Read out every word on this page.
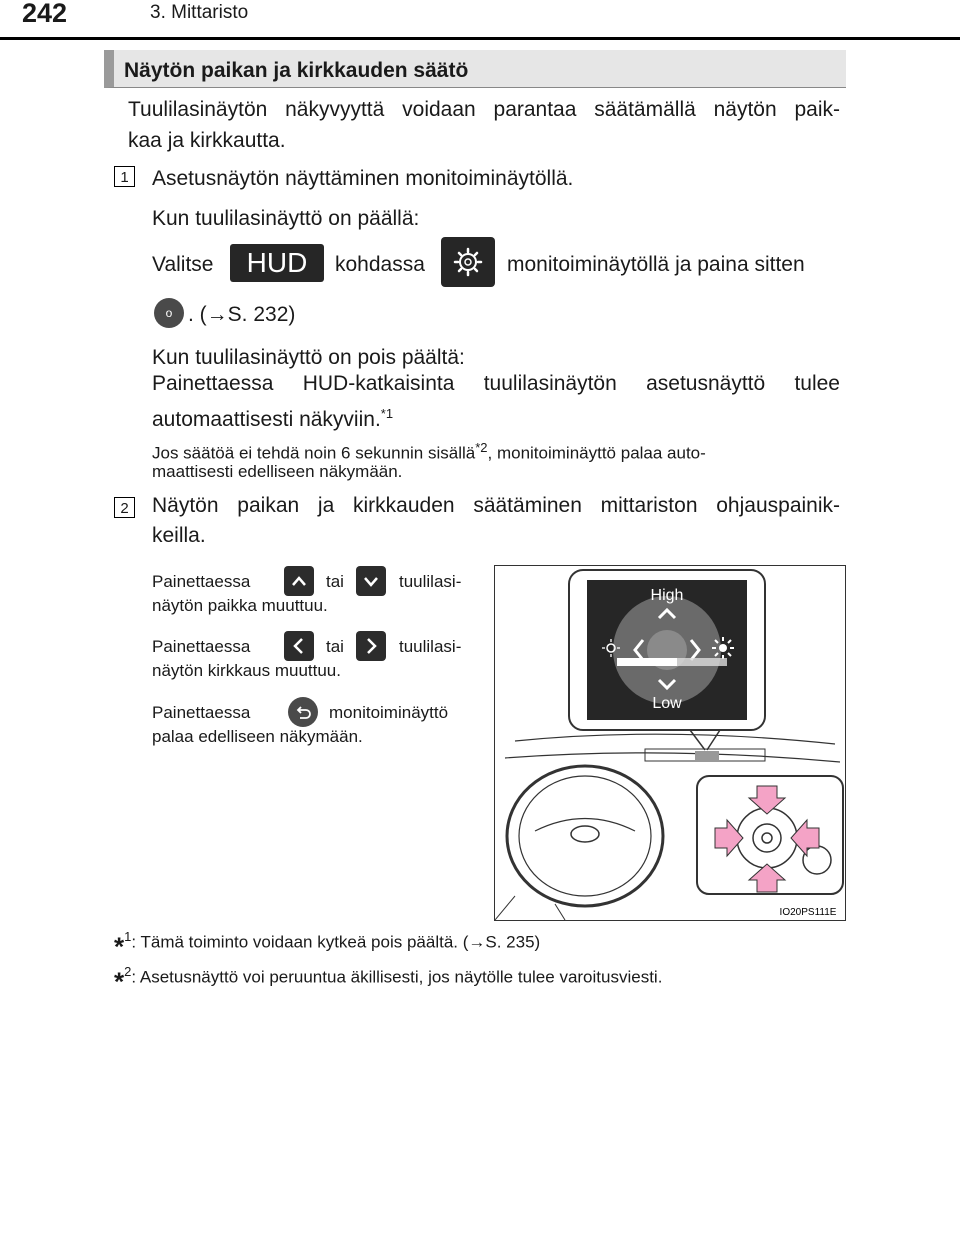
242	3. Mittaristo
Näytön paikan ja kirkkauden säätö
Tuulilasinäytön näkyvyyttä voidaan parantaa säätämällä näytön paik-
kaa ja kirkkautta.
1	Asetusnäytön näyttäminen monitoiminäytöllä.
Kun tuulilasinäyttö on päällä:
Valitse	HUD	kohdassa	monitoiminäytöllä ja paina sitten
o . (→S. 232)
Kun tuulilasinäyttö on pois päältä:
Painettaessa HUD-katkaisinta tuulilasinäytön asetusnäyttö tulee
automaattisesti näkyviin.$^{*1}$
Jos säätöä ei tehdä noin 6 sekunnin sisällä$^{*2}$, monitoiminäyttö palaa auto-
maattisesti edelliseen näkymään.
2	Näytön paikan ja kirkkauden säätäminen mittariston ohjauspainik-
keilla.
Painettaessa	tai	tuulilasi-
näytön paikka muuttuu.
Painettaessa	tai	tuulilasi-
näytön kirkkaus muuttuu.
Painettaessa	monitoiminäyttö
palaa edelliseen näkymään.
High
Low
IO20PS111E
*$^1$: Tämä toiminto voidaan kytkeä pois päältä. (→S. 235)
*$^2$: Asetusnäyttö voi peruuntua äkillisesti, jos näytölle tulee varoitusviesti.
